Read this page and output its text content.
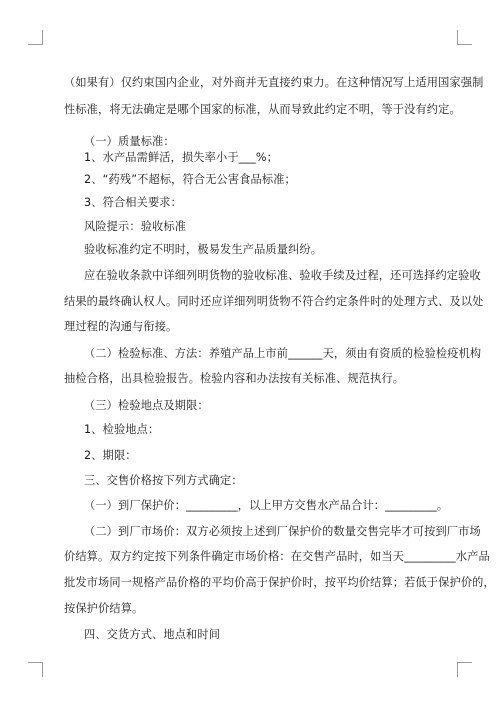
（如果有）仅约束国内企业，对外商并无直接约束力。在这种情况写上适用国家强制
性标准，将无法确定是哪个国家的标准，从而导致此约定不明，等于没有约定。
（一）质量标准：
1、水产品需鲜活，损失率小于___%；
2、“药残”不超标，符合无公害食品标准；
3、符合相关要求：
风险提示：验收标准
验收标准约定不明时，极易发生产品质量纠纷。
应在验收条款中详细列明货物的验收标准、验收手续及过程，还可选择约定验收
结果的最终确认权人。同时还应详细列明货物不符合约定条件时的处理方式、及以处
理过程的沟通与衔接。
（二）检验标准、方法：养殖产品上市前______天，须由有资质的检验检疫机构
抽检合格，出具检验报告。检验内容和办法按有关标准、规范执行。
（三）检验地点及期限：
1、检验地点：
2、期限：
三、交售价格按下列方式确定：
（一）到厂保护价：_________，以上甲方交售水产品合计：_________。
（二）到厂市场价：双方必须按上述到厂保护价的数量交售完毕才可按到厂市场
价结算。双方约定按下列条件确定市场价格：在交售产品时，如当天_________水产品
批发市场同一规格产品价格的平均价高于保护价时，按平均价结算；若低于保护价的，
按保护价结算。
四、交货方式、地点和时间
